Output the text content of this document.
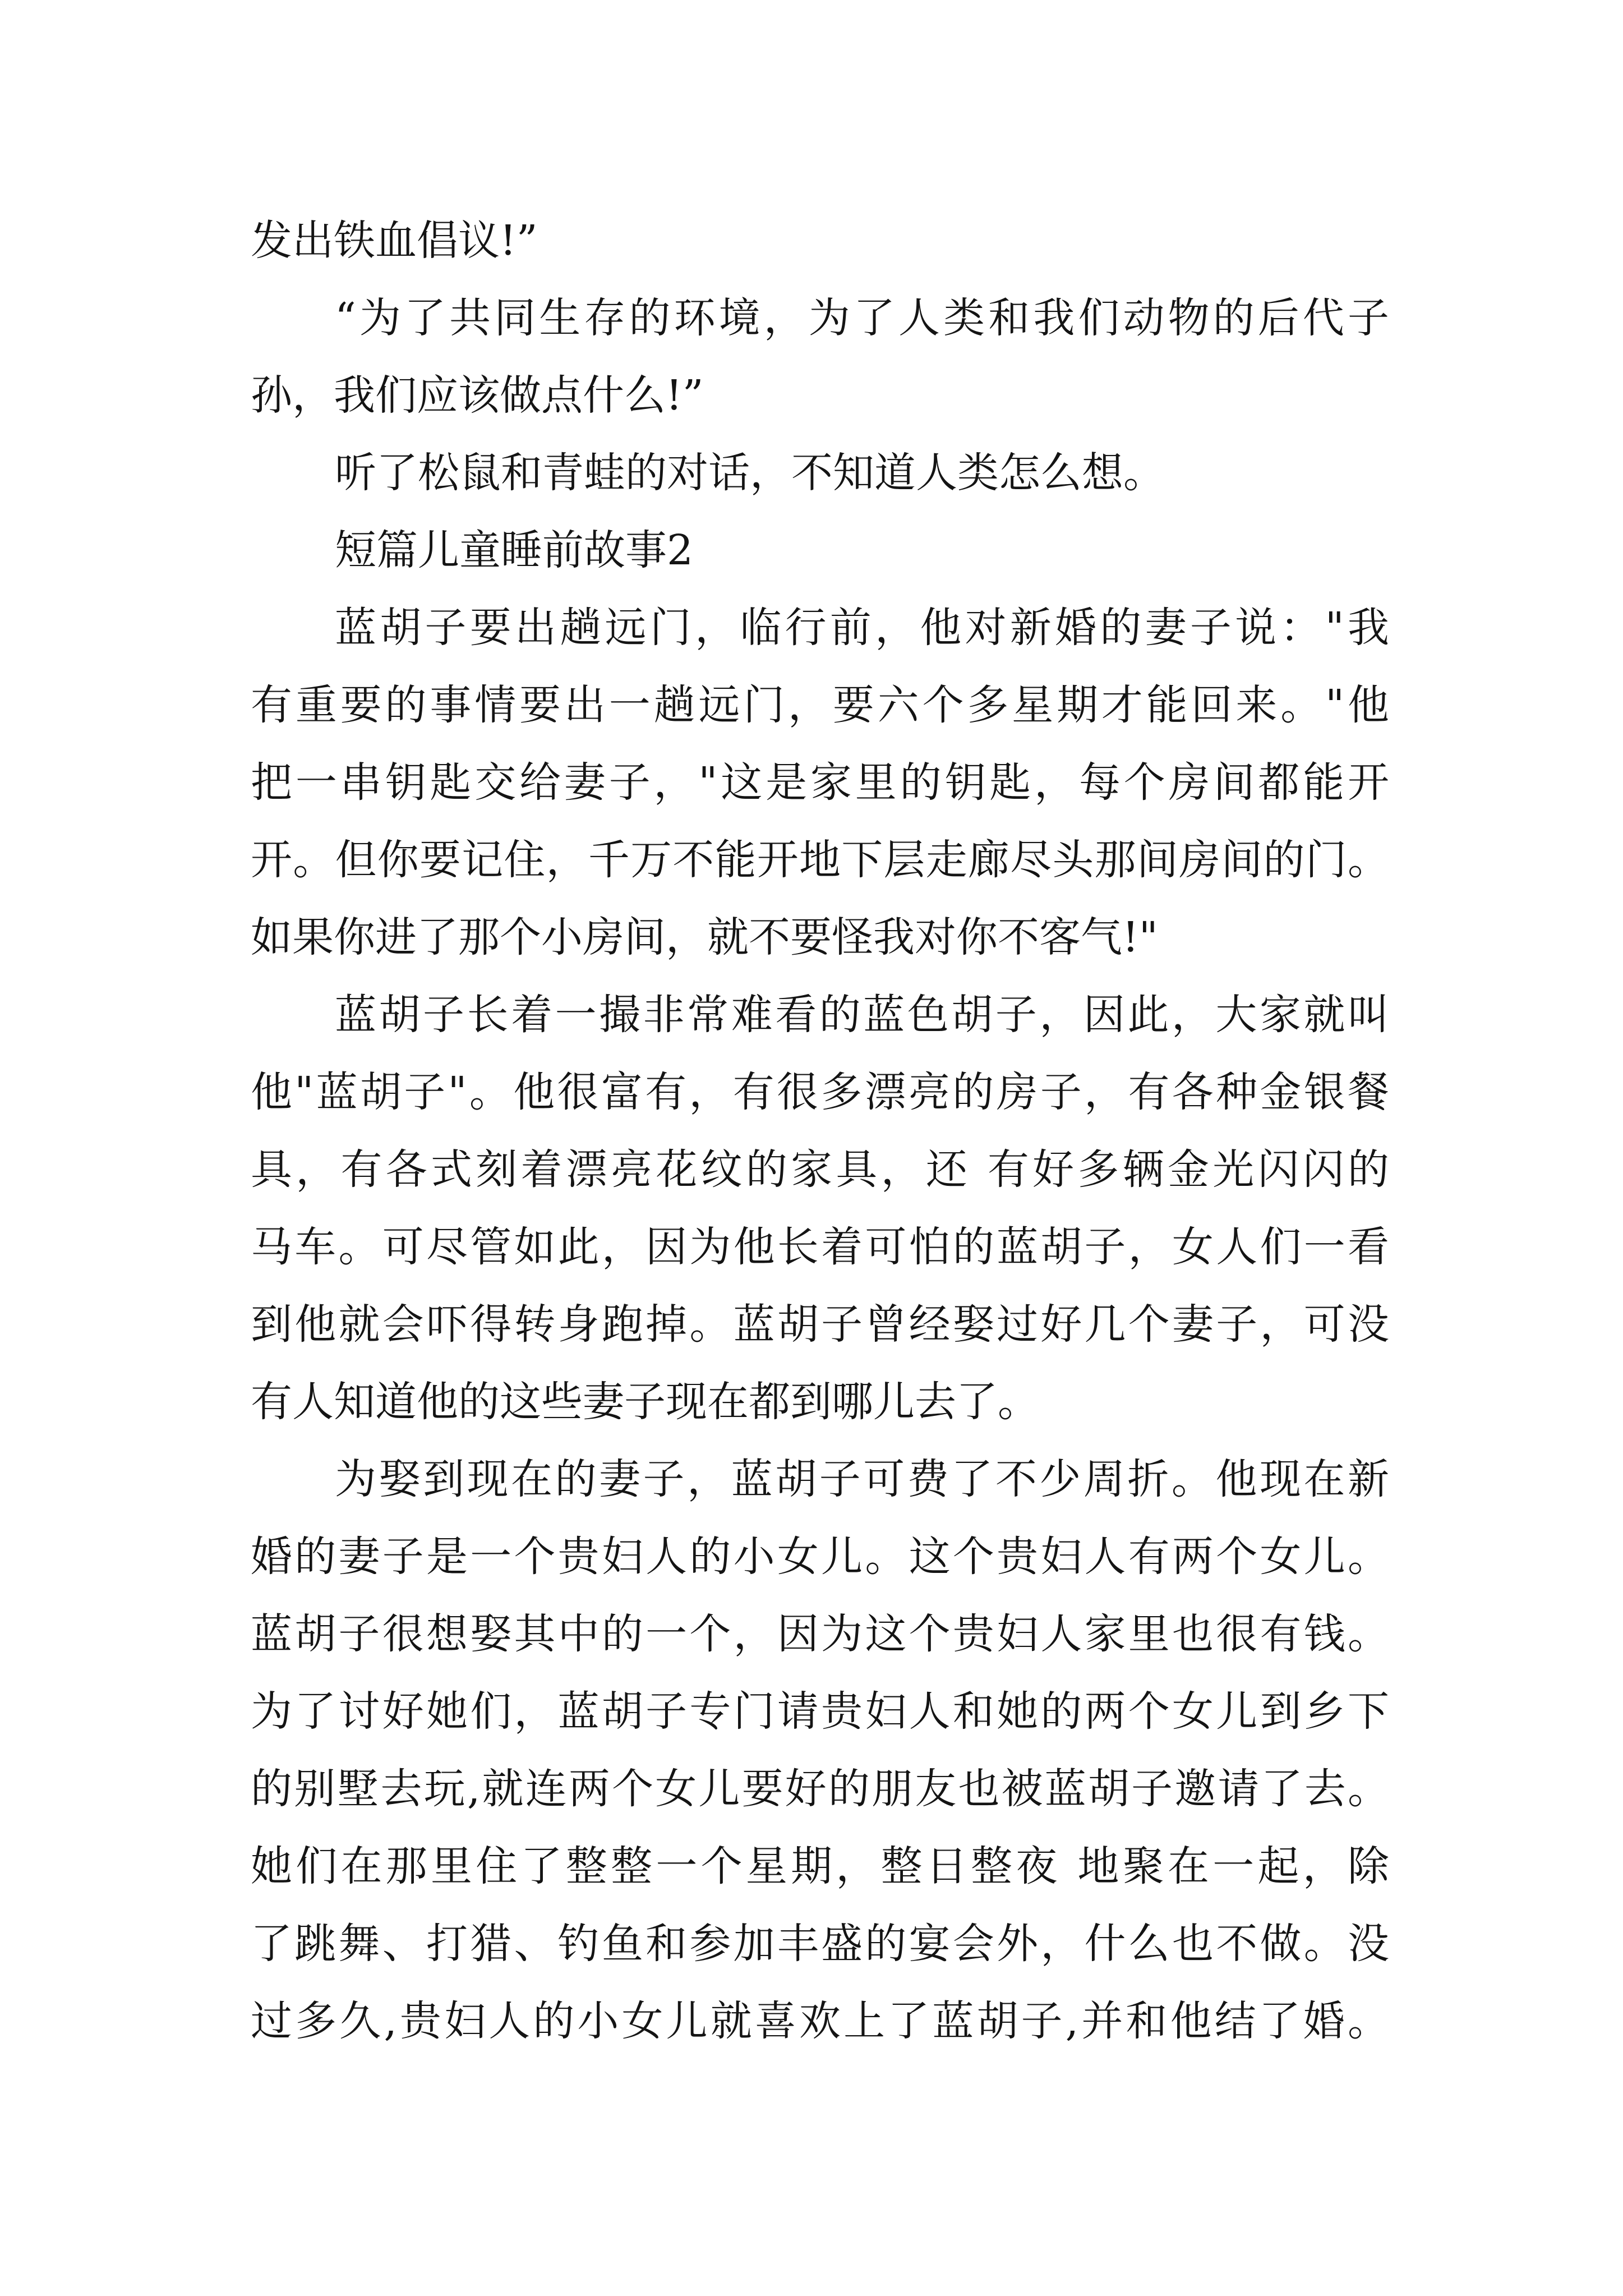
发出铁血倡议!”
“为了共同生存的环境，为了人类和我们动物的后代子
孙，我们应该做点什么!”
听了松鼠和青蛙的对话，不知道人类怎么想。
短篇儿童睡前故事2
蓝胡子要出趟远门，临行前，他对新婚的妻子说："我
有重要的事情要出一趟远门，要六个多星期才能回来。"他
把一串钥匙交给妻子，"这是家里的钥匙，每个房间都能开
开。但你要记住，千万不能开地下层走廊尽头那间房间的门。
如果你进了那个小房间，就不要怪我对你不客气!"
蓝胡子长着一撮非常难看的蓝色胡子，因此，大家就叫
他"蓝胡子"。他很富有，有很多漂亮的房子，有各种金银餐
具，有各式刻着漂亮花纹的家具，还 有好多辆金光闪闪的
马车。可尽管如此，因为他长着可怕的蓝胡子，女人们一看
到他就会吓得转身跑掉。蓝胡子曾经娶过好几个妻子，可没
有人知道他的这些妻子现在都到哪儿去了。
为娶到现在的妻子，蓝胡子可费了不少周折。他现在新
婚的妻子是一个贵妇人的小女儿。这个贵妇人有两个女儿。
蓝胡子很想娶其中的一个，因为这个贵妇人家里也很有钱。
为了讨好她们，蓝胡子专门请贵妇人和她的两个女儿到乡下
的别墅去玩,就连两个女儿要好的朋友也被蓝胡子邀请了去。
她们在那里住了整整一个星期，整日整夜 地聚在一起，除
了跳舞、打猎、钓鱼和参加丰盛的宴会外，什么也不做。没
过多久,贵妇人的小女儿就喜欢上了蓝胡子,并和他结了婚。
